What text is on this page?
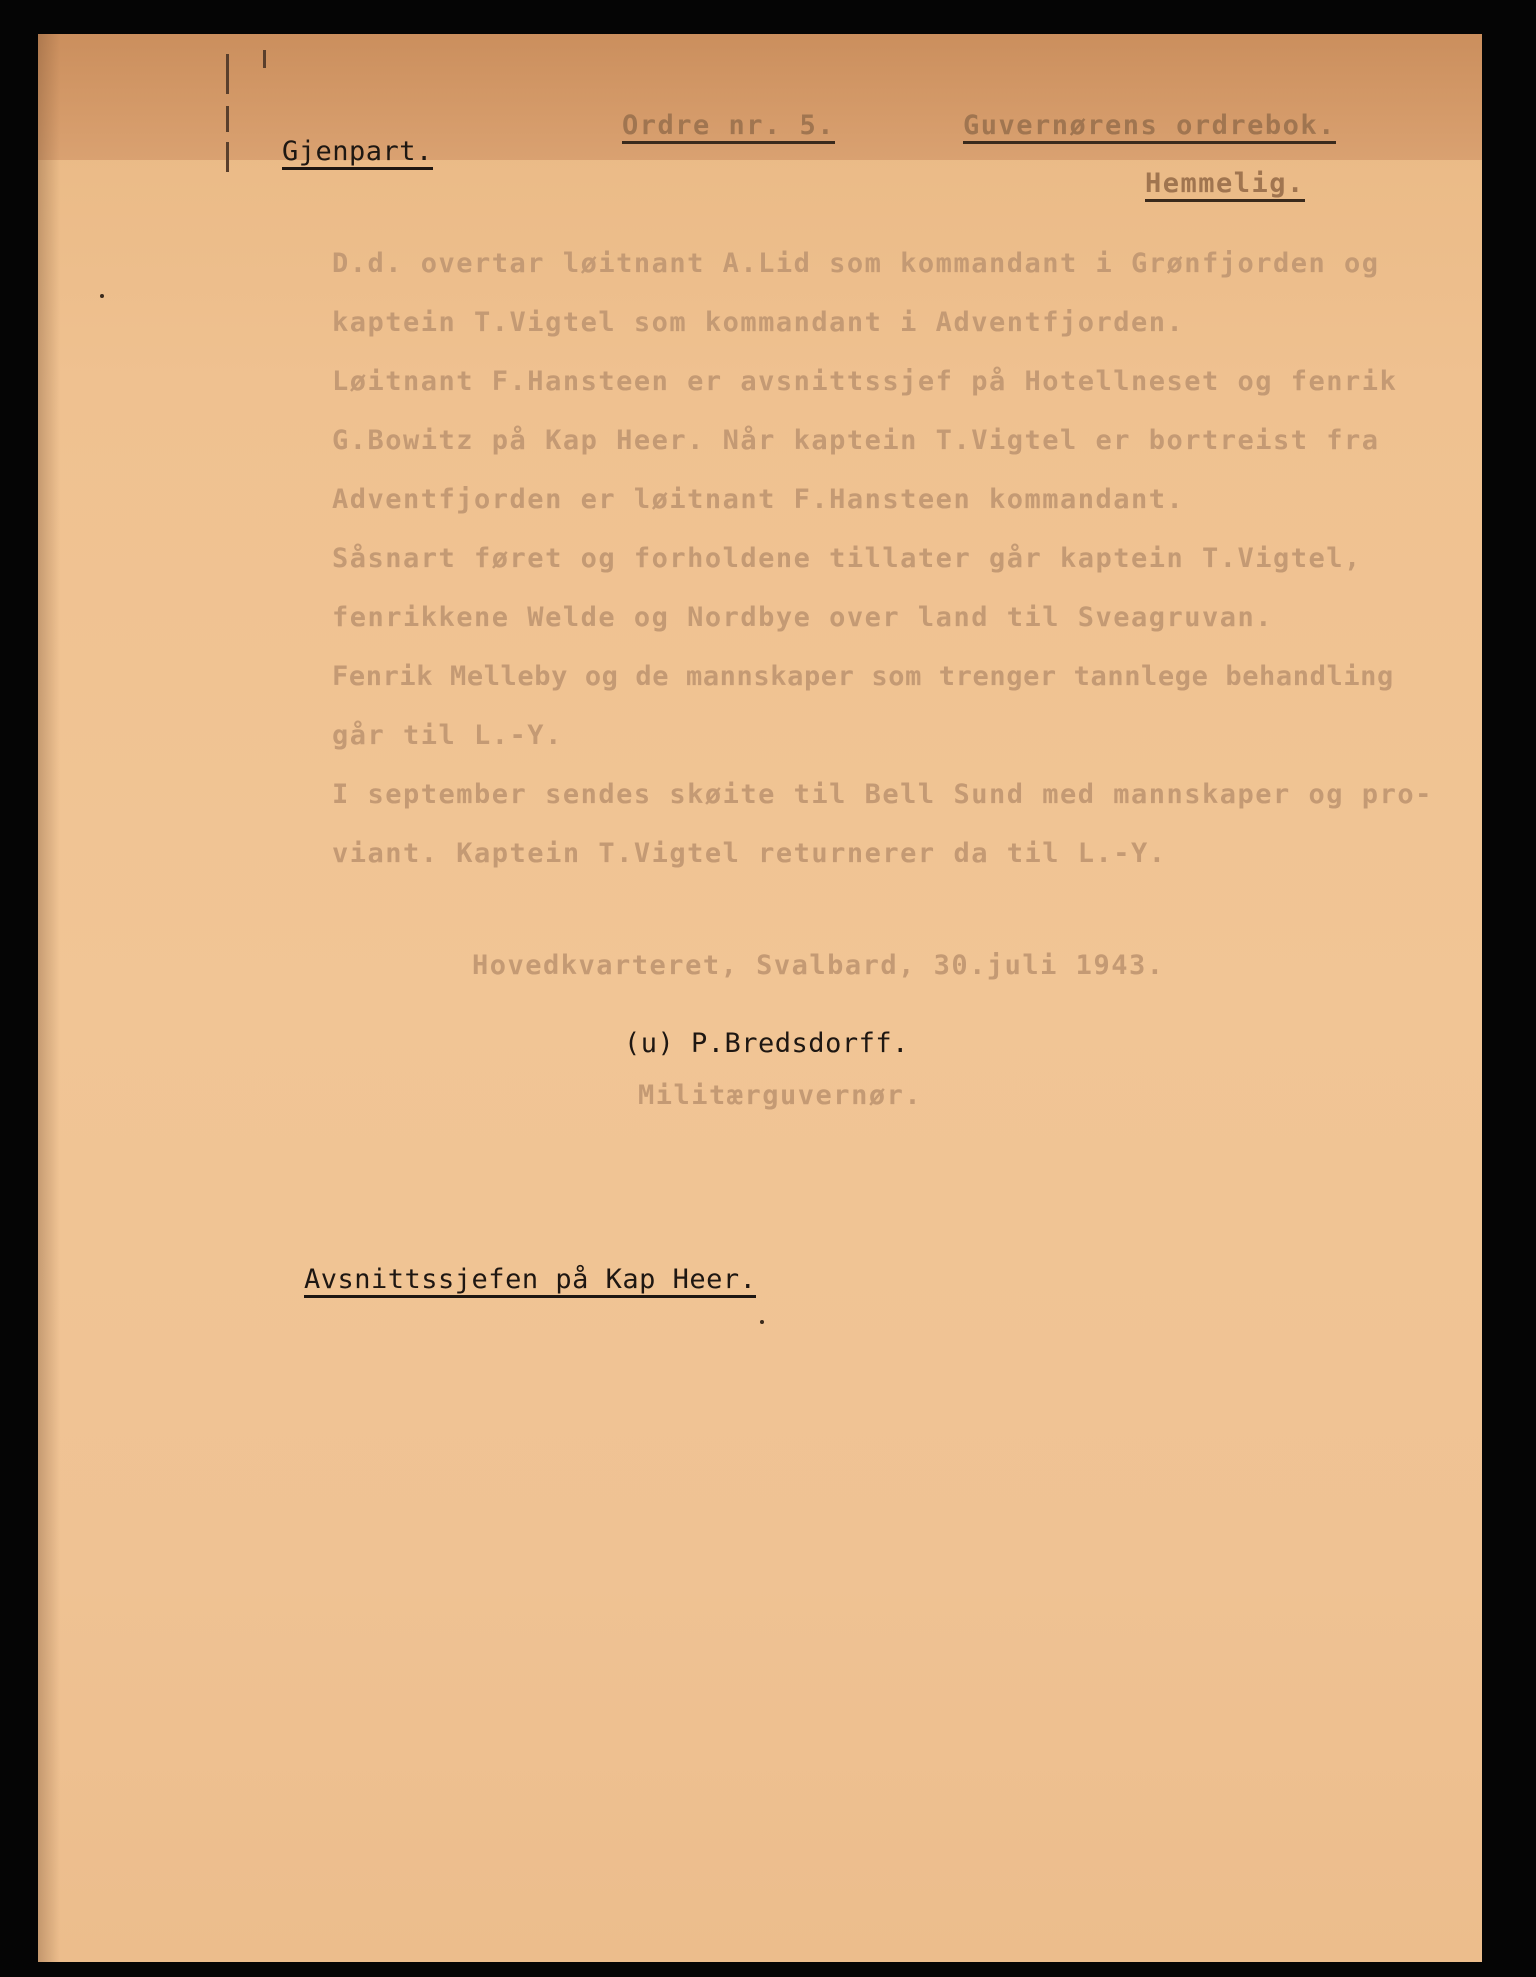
Gjenpart.

Ordre nr. 5.	Guvernørens ordrebok.

Hemmelig.

D.d. overtar løitnant A.Lid som kommandant i Grønfjorden og

kaptein T.Vigtel som kommandant i Adventfjorden.

Løitnant F.Hansteen er avsnittssjef på Hotellneset og fenrik

G.Bowitz på Kap Heer. Når kaptein T.Vigtel er bortreist fra

Adventfjorden er løitnant F.Hansteen kommandant.

Såsnart føret og forholdene tillater går kaptein T.Vigtel,

fenrikkene Welde og Nordbye over land til Sveagruvan.

Fenrik Melleby og de mannskaper som trenger tannlege behandling

går til L.-Y.

I september sendes skøite til Bell Sund med mannskaper og pro-

viant. Kaptein T.Vigtel returnerer da til L.-Y.

Hovedkvarteret, Svalbard, 30.juli 1943.

(u) P.Bredsdorff.

Militærguvernør.

Avsnittssjefen på Kap Heer.
